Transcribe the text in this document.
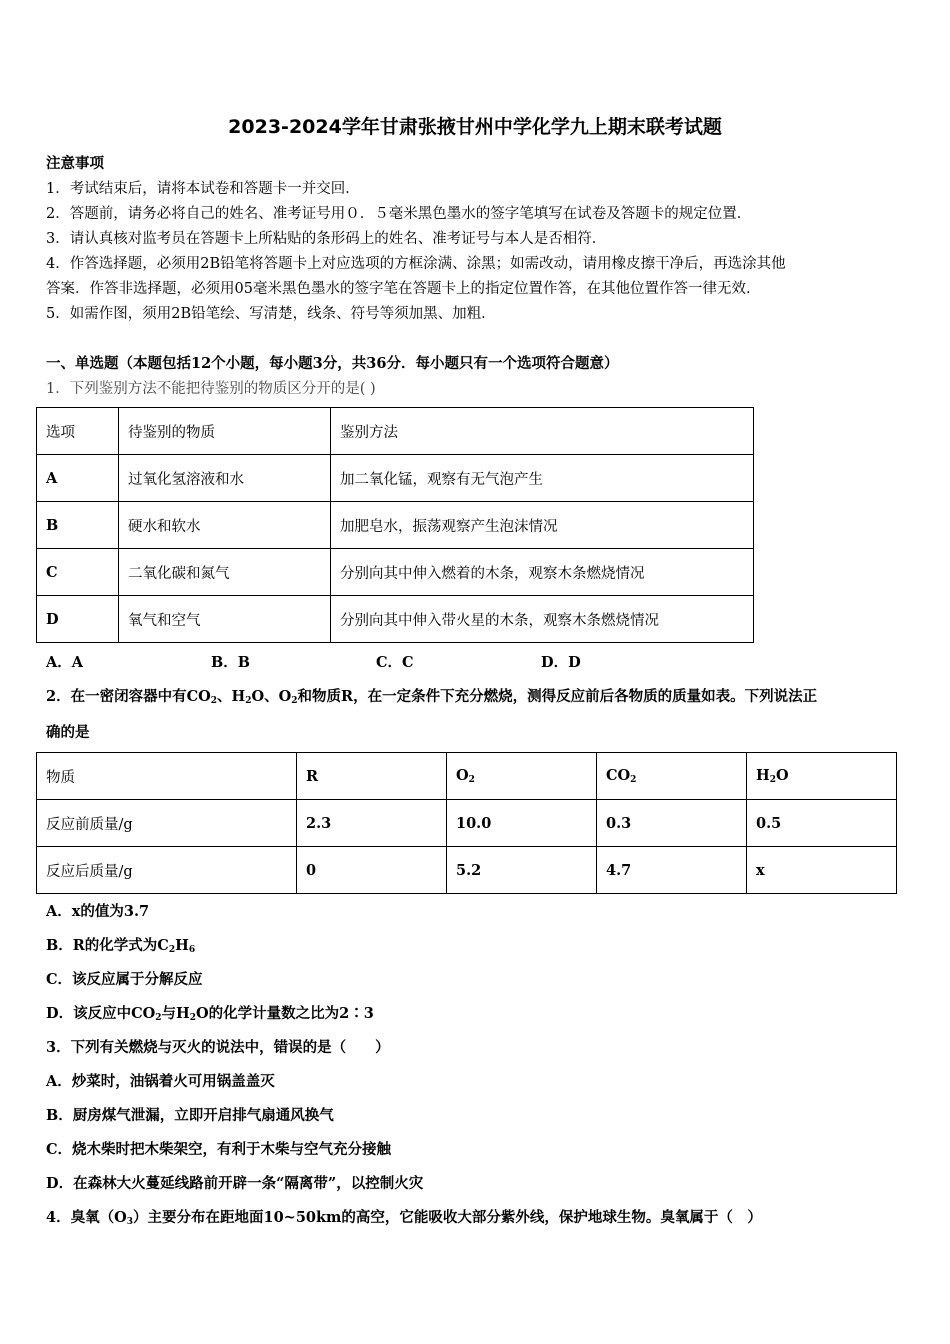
2023-2024学年甘肃张掖甘州中学化学九上期末联考试题
注意事项
1．考试结束后，请将本试卷和答题卡一并交回．
2．答题前，请务必将自己的姓名、准考证号用０．５毫米黑色墨水的签字笔填写在试卷及答题卡的规定位置．
3．请认真核对监考员在答题卡上所粘贴的条形码上的姓名、准考证号与本人是否相符．
4．作答选择题，必须用2B铅笔将答题卡上对应选项的方框涂满、涂黑；如需改动，请用橡皮擦干净后，再选涂其他
答案．作答非选择题，必须用05毫米黑色墨水的签字笔在答题卡上的指定位置作答，在其他位置作答一律无效．
5．如需作图，须用2B铅笔绘、写清楚，线条、符号等须加黑、加粗．
一、单选题（本题包括12个小题，每小题3分，共36分．每小题只有一个选项符合题意）
1．下列鉴别方法不能把待鉴别的物质区分开的是( )
选项	待鉴别的物质	鉴别方法
A	过氧化氢溶液和水	加二氧化锰，观察有无气泡产生
B	硬水和软水	加肥皂水，振荡观察产生泡沫情况
C	二氧化碳和氮气	分别向其中伸入燃着的木条，观察木条燃烧情况
D	氧气和空气	分别向其中伸入带火星的木条，观察木条燃烧情况
A．A	B．B	C．C	D．D
2．在一密闭容器中有$CO_2$、$H_2O$、$O_2$和物质R，在一定条件下充分燃烧，测得反应前后各物质的质量如表。下列说法正
确的是
物质	R	$O_2$	$CO_2$	$H_2O$
反应前质量/g	2.3	10.0	0.3	0.5
反应后质量/g	0	5.2	4.7	x
A．x的值为3.7
B．R的化学式为$C_2H_6$
C．该反应属于分解反应
D．该反应中$CO_2$与$H_2O$的化学计量数之比为2∶3
3．下列有关燃烧与灭火的说法中，错误的是（　　）
A．炒菜时，油锅着火可用锅盖盖灭
B．厨房煤气泄漏，立即开启排气扇通风换气
C．烧木柴时把木柴架空，有利于木柴与空气充分接触
D．在森林大火蔓延线路前开辟一条“隔离带”，以控制火灾
4．臭氧$(O_3)$主要分布在距地面10~50km的高空，它能吸收大部分紫外线，保护地球生物。臭氧属于（　）
